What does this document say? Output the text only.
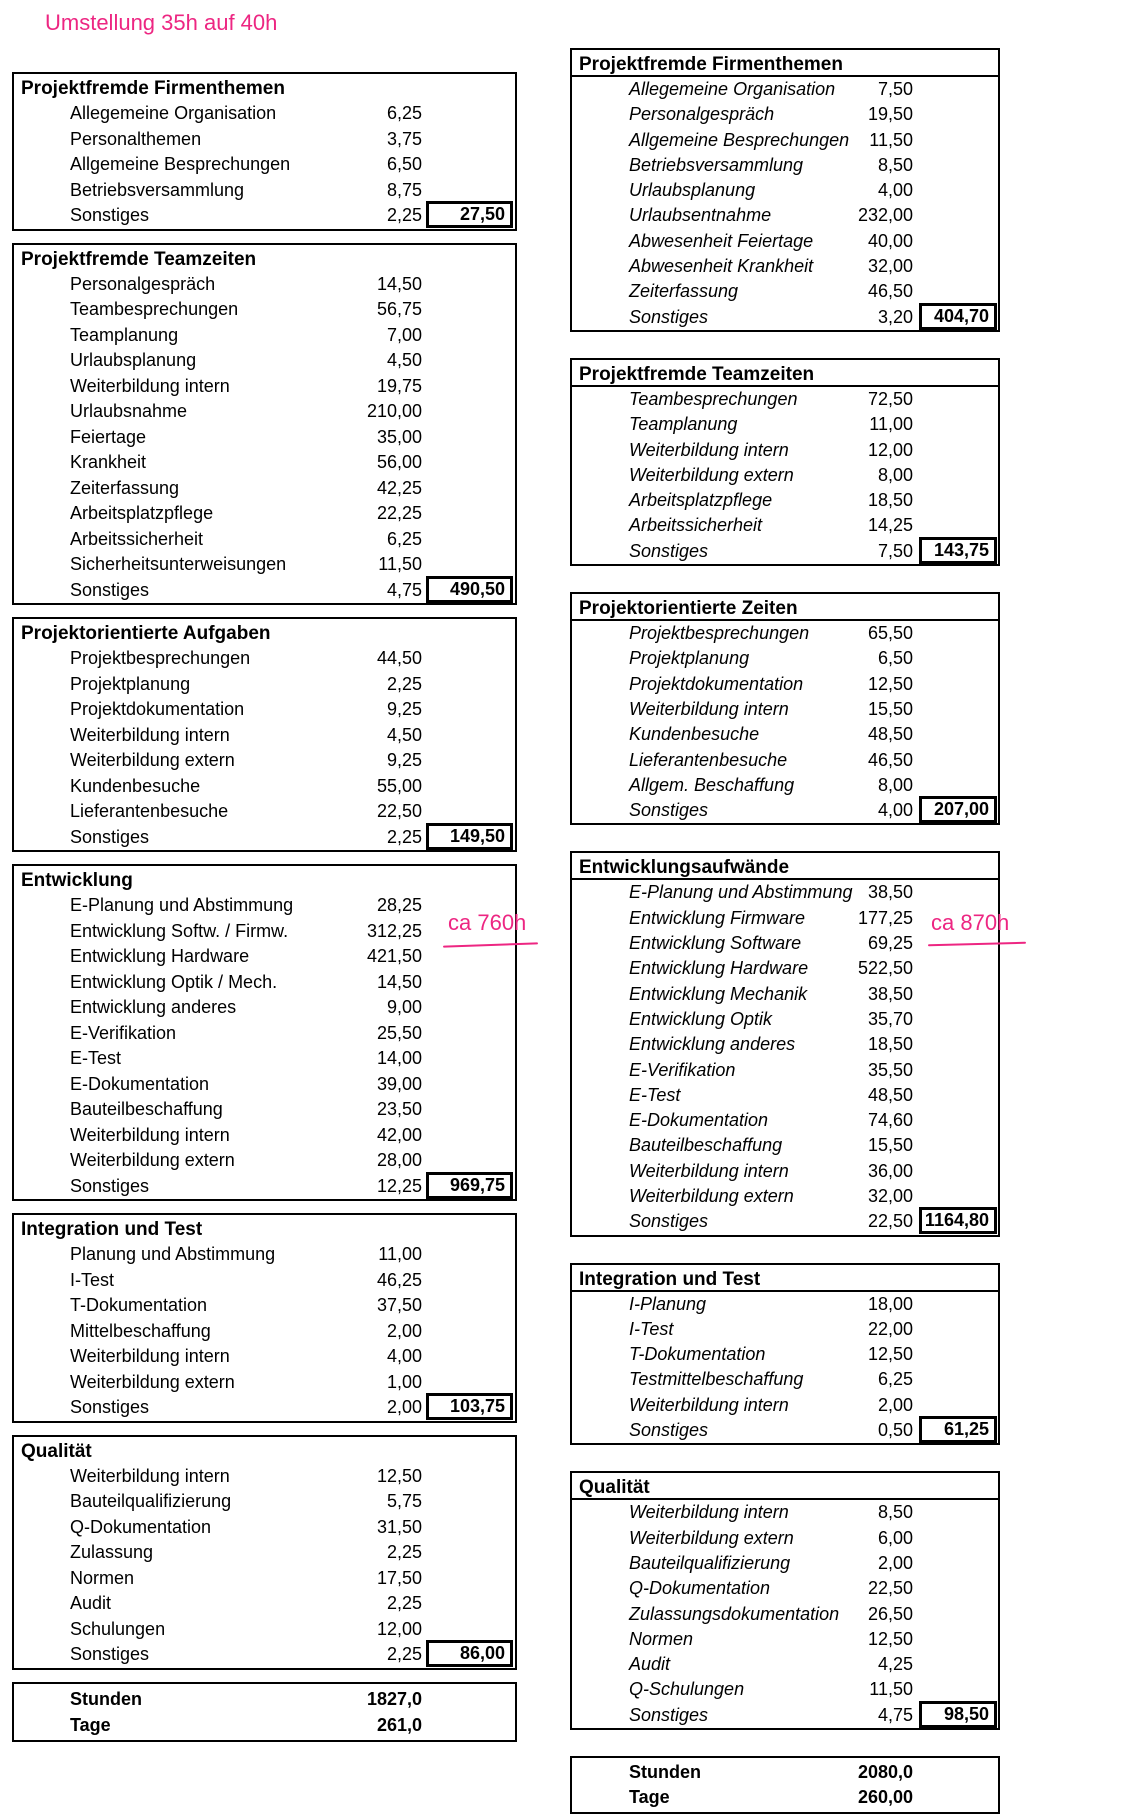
Umstellung 35h auf 40h
Projektfremde Firmenthemen
Allegemeine Organisation	6,25
Personalthemen	3,75
Allgemeine Besprechungen	6,50
Betriebsversammlung	8,75
Sonstiges	2,25	27,50
Projektfremde Teamzeiten
Personalgespräch	14,50
Teambesprechungen	56,75
Teamplanung	7,00
Urlaubsplanung	4,50
Weiterbildung intern	19,75
Urlaubsnahme	210,00
Feiertage	35,00
Krankheit	56,00
Zeiterfassung	42,25
Arbeitsplatzpflege	22,25
Arbeitssicherheit	6,25
Sicherheitsunterweisungen	11,50
Sonstiges	4,75	490,50
Projektorientierte Aufgaben
Projektbesprechungen	44,50
Projektplanung	2,25
Projektdokumentation	9,25
Weiterbildung intern	4,50
Weiterbildung extern	9,25
Kundenbesuche	55,00
Lieferantenbesuche	22,50
Sonstiges	2,25	149,50
Entwicklung
E-Planung und Abstimmung	28,25
Entwicklung Softw. / Firmw.	312,25
Entwicklung Hardware	421,50
Entwicklung Optik / Mech.	14,50
Entwicklung anderes	9,00
E-Verifikation	25,50
E-Test	14,00
E-Dokumentation	39,00
Bauteilbeschaffung	23,50
Weiterbildung intern	42,00
Weiterbildung extern	28,00
Sonstiges	12,25	969,75
Integration und Test
Planung und Abstimmung	11,00
I-Test	46,25
T-Dokumentation	37,50
Mittelbeschaffung	2,00
Weiterbildung intern	4,00
Weiterbildung extern	1,00
Sonstiges	2,00	103,75
Qualität
Weiterbildung intern	12,50
Bauteilqualifizierung	5,75
Q-Dokumentation	31,50
Zulassung	2,25
Normen	17,50
Audit	2,25
Schulungen	12,00
Sonstiges	2,25	86,00
Stunden	1827,0
Tage	261,0
Projektfremde Firmenthemen
Allegemeine Organisation 7,50
Personalgespräch	19,50
Allgemeine Besprechungen 11,50
Betriebsversammlung	8,50
Urlaubsplanung	4,00
Urlaubsentnahme	232,00
Abwesenheit Feiertage	40,00
Abwesenheit Krankheit	32,00
Zeiterfassung	46,50
Sonstiges	3,20	404,70
Projektfremde Teamzeiten
Teambesprechungen	72,50
Teamplanung	11,00
Weiterbildung intern	12,00
Weiterbildung extern	8,00
Arbeitsplatzpflege	18,50
Arbeitssicherheit	14,25
Sonstiges	7,50	143,75
Projektorientierte Zeiten
Projektbesprechungen	65,50
Projektplanung	6,50
Projektdokumentation	12,50
Weiterbildung intern	15,50
Kundenbesuche	48,50
Lieferantenbesuche	46,50
Allgem. Beschaffung	8,00
Sonstiges	4,00	207,00
Entwicklungsaufwände
E-Planung und Abstimmung 38,50
Entwicklung Firmware	177,25
Entwicklung Software	69,25
Entwicklung Hardware	522,50
Entwicklung Mechanik	38,50
Entwicklung Optik	35,70
Entwicklung anderes	18,50
E-Verifikation	35,50
E-Test	48,50
E-Dokumentation	74,60
Bauteilbeschaffung	15,50
Weiterbildung intern	36,00
Weiterbildung extern	32,00
Sonstiges	22,50 1164,80
Integration und Test
I-Planung	18,00
I-Test	22,00
T-Dokumentation	12,50
Testmittelbeschaffung	6,25
Weiterbildung intern	2,00
Sonstiges	0,50	61,25
Qualität
Weiterbildung intern	8,50
Weiterbildung extern	6,00
Bauteilqualifizierung	2,00
Q-Dokumentation	22,50
Zulassungsdokumentation 26,50
Normen	12,50
Audit	4,25
Q-Schulungen	11,50
Sonstiges	4,75	98,50
Stunden	2080,0
Tage	260,00
ca 760h	ca 870h
